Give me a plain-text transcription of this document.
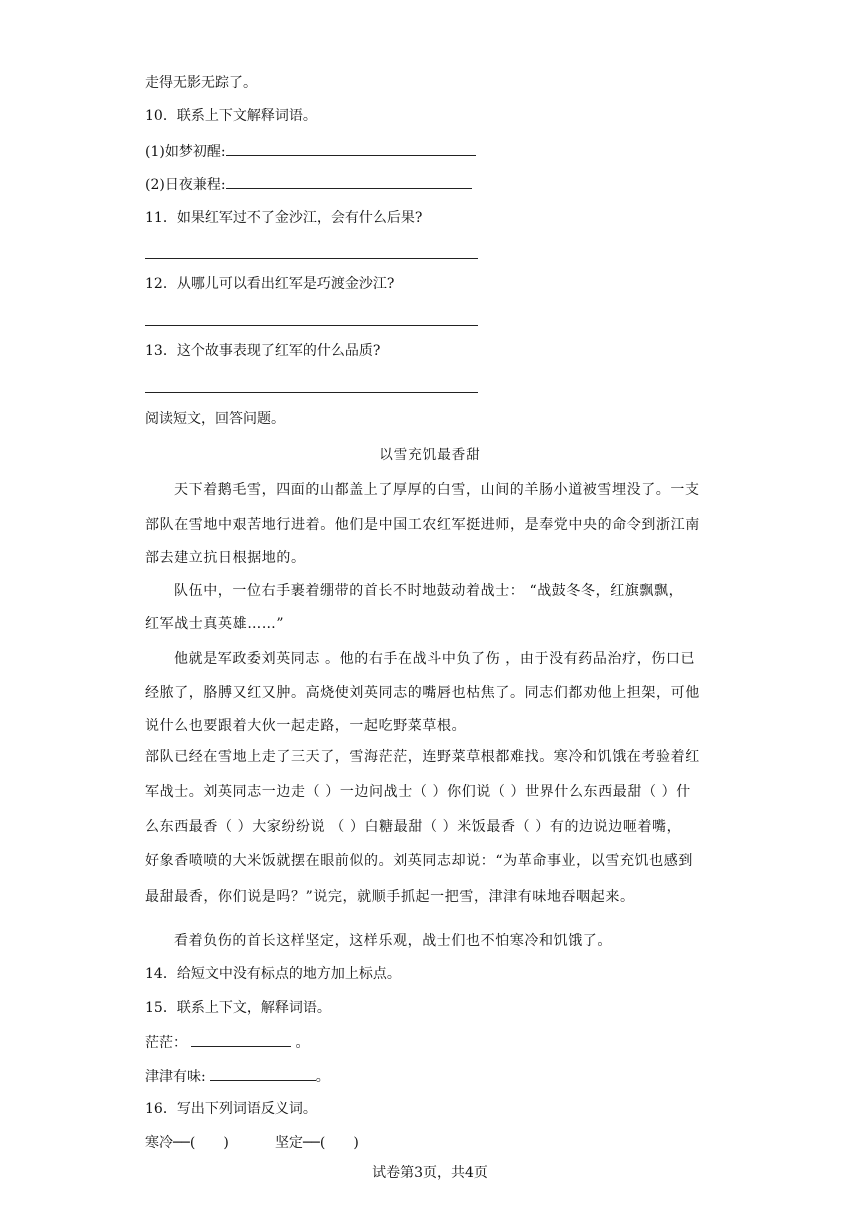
走得无影无踪了。
10．联系上下文解释词语。
(1)如梦初醒:
(2)日夜兼程:
11．如果红军过不了金沙江，会有什么后果?
12．从哪儿可以看出红军是巧渡金沙江?
13．这个故事表现了红军的什么品质?
阅读短文，回答问题。
以雪充饥最香甜
天下着鹅毛雪，四面的山都盖上了厚厚的白雪，山间的羊肠小道被雪埋没了。一支
部队在雪地中艰苦地行进着。他们是中国工农红军挺进师，是奉党中央的命令到浙江南
部去建立抗日根据地的。
队伍中，一位右手裹着绷带的首长不时地鼓动着战士： “战鼓冬冬，红旗飘飘，
红军战士真英雄……”
他就是军政委刘英同志 。他的右手在战斗中负了伤 ，由于没有药品治疗，伤口已
经脓了，胳膊又红又肿。高烧使刘英同志的嘴唇也枯焦了。同志们都劝他上担架，可他
说什么也要跟着大伙一起走路，一起吃野菜草根。
部队已经在雪地上走了三天了，雪海茫茫，连野菜草根都难找。寒冷和饥饿在考验着红
军战士。刘英同志一边走（ ）一边问战士（ ）你们说（ ）世界什么东西最甜（ ）什
么东西最香（ ）大家纷纷说 （ ）白糖最甜（ ）米饭最香（ ）有的边说边咂着嘴，
好象香喷喷的大米饭就摆在眼前似的。刘英同志却说：“为革命事业，以雪充饥也感到
最甜最香，你们说是吗？”说完，就顺手抓起一把雪，津津有味地吞咽起来。
看着负伤的首长这样坚定，这样乐观，战士们也不怕寒冷和饥饿了。
14．给短文中没有标点的地方加上标点。
15．联系上下文，解释词语。
茫茫：	。
津津有味:	。
16．写出下列词语反义词。
寒冷──(　　)	坚定──(　　)
试卷第3页，共4页
